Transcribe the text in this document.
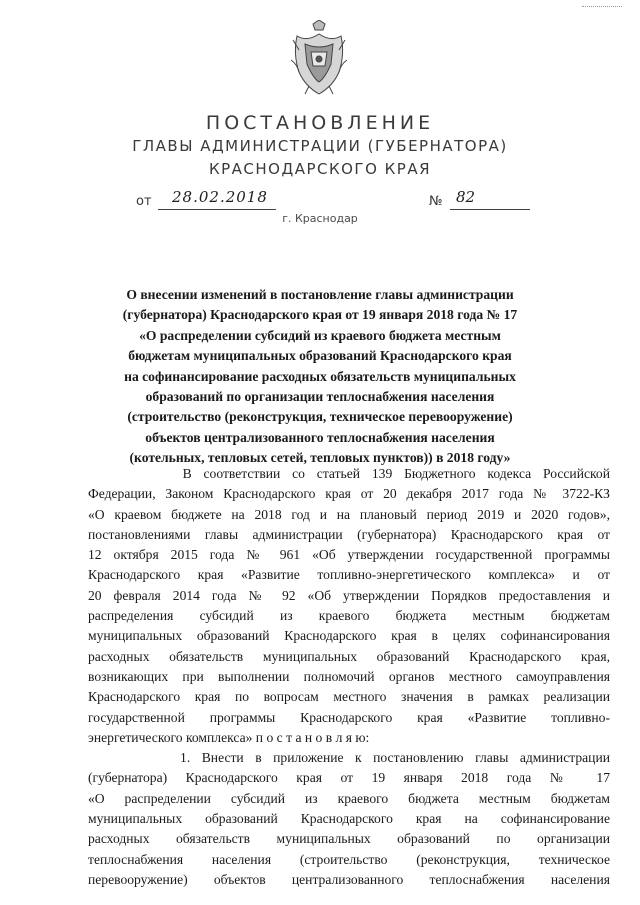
ПОСТАНОВЛЕНИЕ
ГЛАВЫ АДМИНИСТРАЦИИ (ГУБЕРНАТОРА)
КРАСНОДАРСКОГО КРАЯ
от 28.02.2018	№ 82
г. Краснодар
О внесении изменений в постановление главы администрации
(губернатора) Краснодарского края от 19 января 2018 года № 17
«О распределении субсидий из краевого бюджета местным
бюджетам муниципальных образований Краснодарского края
на софинансирование расходных обязательств муниципальных
образований по организации теплоснабжения населения
(строительство (реконструкция, техническое перевооружение)
объектов централизованного теплоснабжения населения
(котельных, тепловых сетей, тепловых пунктов)) в 2018 году»
В соответствии со статьей 139 Бюджетного кодекса Российской
Федерации, Законом Краснодарского края от 20 декабря 2017 года № 3722-КЗ
«О краевом бюджете на 2018 год и на плановый период 2019 и 2020 годов»,
постановлениями главы администрации (губернатора) Краснодарского края от
12 октября 2015 года № 961 «Об утверждении государственной программы
Краснодарского края «Развитие топливно-энергетического комплекса» и от
20 февраля 2014 года № 92 «Об утверждении Порядков предоставления и
распределения субсидий из краевого бюджета местным бюджетам
муниципальных образований Краснодарского края в целях софинансирования
расходных обязательств муниципальных образований Краснодарского края,
возникающих при выполнении полномочий органов местного самоуправления
Краснодарского края по вопросам местного значения в рамках реализации
государственной программы Краснодарского края «Развитие топливно-
энергетического комплекса» п о с т а н о в л я ю:
1. Внести в приложение к постановлению главы администрации
(губернатора) Краснодарского края от 19 января 2018 года № 17
«О распределении субсидий из краевого бюджета местным бюджетам
муниципальных образований Краснодарского края на софинансирование
расходных обязательств муниципальных образований по организации
теплоснабжения населения (строительство (реконструкция, техническое
перевооружение) объектов централизованного теплоснабжения населения
